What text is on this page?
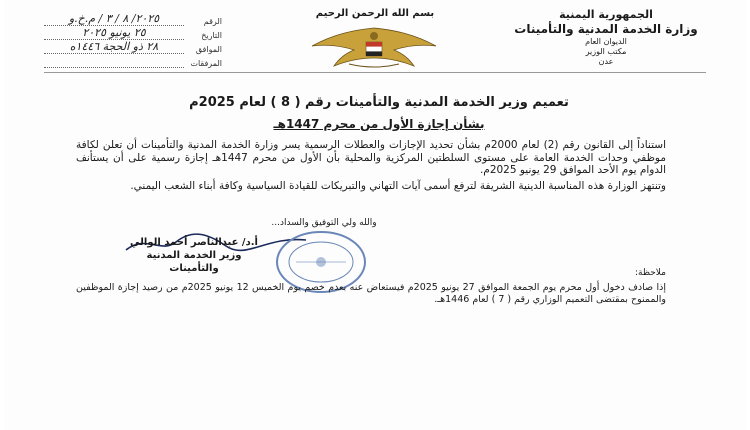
الجمهورية اليمنية
وزارة الخدمة المدنية والتأمينات
الديوان العام
مكتب الوزير
عدن
بسم الله الرحمن الرحيم
الرقم
٢٠٢٥/ ٨ / ٣ / م.خ.و
التاريخ
٢٥ يونيو ٢٠٢٥
الموافق
٢٨ ذو الحجة ١٤٤٦ه
المرفقات
تعميم وزير الخدمة المدنية والتأمينات رقم ( 8 ) لعام 2025م
بشأن إجازة الأول من محرم 1447هـ

استناداً إلى القانون رقم (2) لعام 2000م بشأن تحديد الإجازات والعطلات الرسمية يسر وزارة الخدمة المدنية والتأمينات أن تعلن لكافة موظفي وحدات الخدمة العامة على مستوى السلطتين المركزية والمحلية بأن الأول من محرم 1447هـ إجازة رسمية على أن يستأنف الدوام يوم الأحد الموافق 29 يونيو 2025م.

وتنتهز الوزارة هذه المناسبة الدينية الشريفة لترفع أسمى آيات التهاني والتبريكات للقيادة السياسية وكافة أبناء الشعب اليمني.

والله ولي التوفيق والسداد...
أ.د/ عبدالناصر أحمد الوالي
وزير الخدمة المدنية والتأمينات	ملاحظة:

إذا صادف دخول أول محرم يوم الجمعة الموافق 27 يونيو 2025م فيستعاض عنه بعدم خصم يوم الخميس 12 يونيو 2025م من رصيد إجازة الموظفين والممنوح بمقتضى التعميم الوزاري رقم ( 7 ) لعام 1446هـ.
